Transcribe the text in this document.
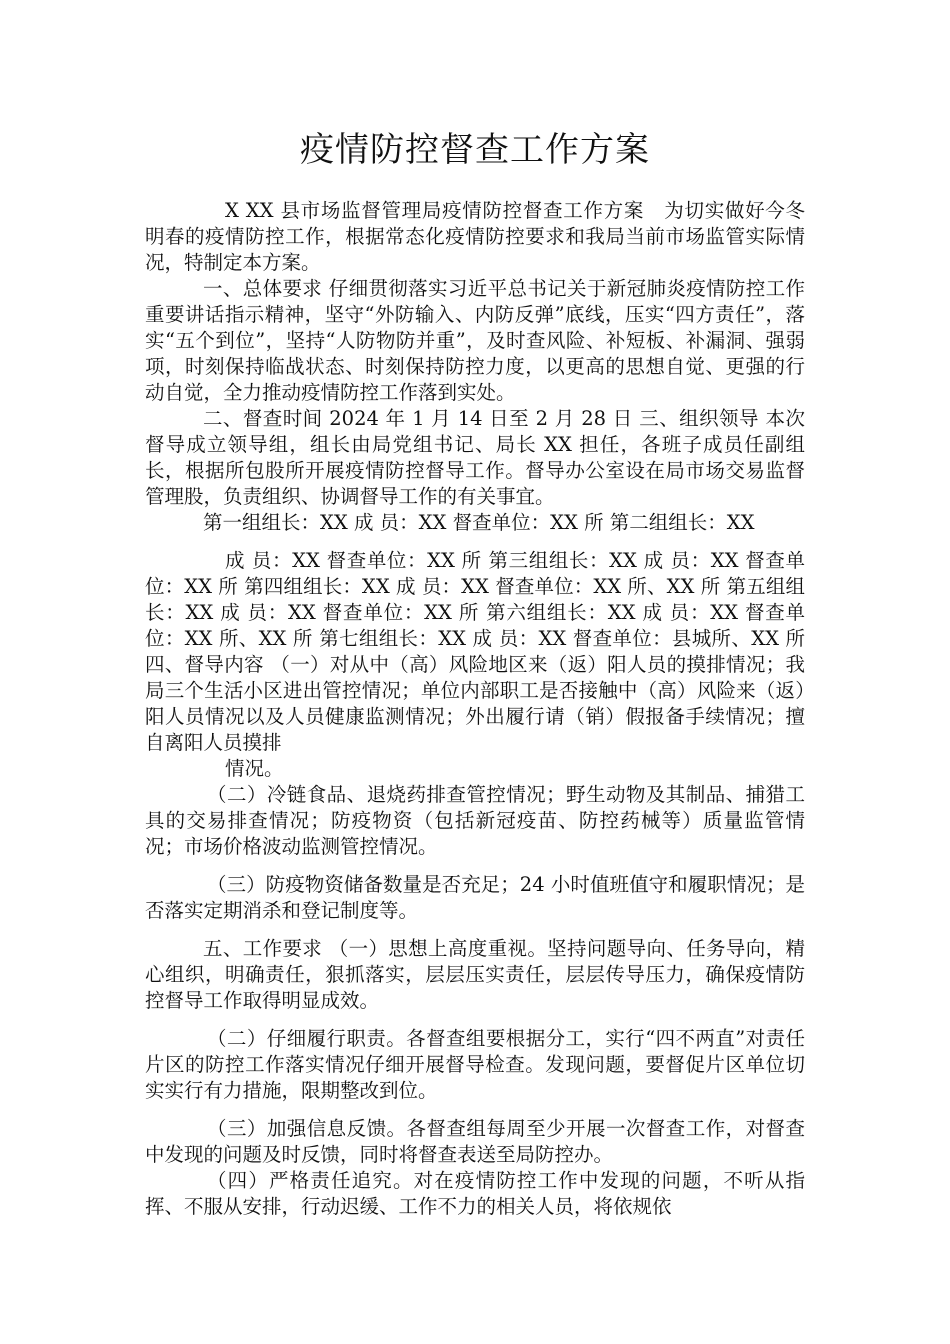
疫情防控督查工作方案

X XX 县市场监督管理局疫情防控督查工作方案　为切实做好今冬明春的疫情防控工作，根据常态化疫情防控要求和我局当前市场监管实际情况，特制定本方案。

一、总体要求 仔细贯彻落实习近平总书记关于新冠肺炎疫情防控工作重要讲话指示精神，坚守“外防输入、内防反弹”底线，压实“四方责任”，落实“五个到位”，坚持“人防物防并重”，及时查风险、补短板、补漏洞、强弱项，时刻保持临战状态、时刻保持防控力度，以更高的思想自觉、更强的行动自觉，全力推动疫情防控工作落到实处。

二、督查时间 2024 年 1 月 14 日至 2 月 28 日 三、组织领导 本次督导成立领导组，组长由局党组书记、局长 XX 担任，各班子成员任副组长，根据所包股所开展疫情防控督导工作。督导办公室设在局市场交易监督管理股，负责组织、协调督导工作的有关事宜。

第一组组长：XX 成 员：XX 督查单位：XX 所 第二组组长：XX

成 员：XX 督查单位：XX 所 第三组组长：XX 成 员：XX 督查单位：XX 所 第四组组长：XX 成 员：XX 督查单位：XX 所、XX 所 第五组组长：XX 成 员：XX 督查单位：XX 所 第六组组长：XX 成 员：XX 督查单位：XX 所、XX 所 第七组组长：XX 成 员：XX 督查单位：县城所、XX 所 四、督导内容 （一）对从中（高）风险地区来（返）阳人员的摸排情况；我局三个生活小区进出管控情况；单位内部职工是否接触中（高）风险来（返）阳人员情况以及人员健康监测情况；外出履行请（销）假报备手续情况；擅自离阳人员摸排

情况。

（二）冷链食品、退烧药排查管控情况；野生动物及其制品、捕猎工具的交易排查情况；防疫物资（包括新冠疫苗、防控药械等）质量监管情况；市场价格波动监测管控情况。

（三）防疫物资储备数量是否充足；24 小时值班值守和履职情况；是否落实定期消杀和登记制度等。

五、工作要求 （一）思想上高度重视。坚持问题导向、任务导向，精心组织，明确责任，狠抓落实，层层压实责任，层层传导压力，确保疫情防控督导工作取得明显成效。

（二）仔细履行职责。各督查组要根据分工，实行“四不两直”对责任片区的防控工作落实情况仔细开展督导检查。发现问题，要督促片区单位切实实行有力措施，限期整改到位。

（三）加强信息反馈。各督查组每周至少开展一次督查工作，对督查中发现的问题及时反馈，同时将督查表送至局防控办。

（四）严格责任追究。对在疫情防控工作中发现的问题，不听从指挥、不服从安排，行动迟缓、工作不力的相关人员，将依规依
